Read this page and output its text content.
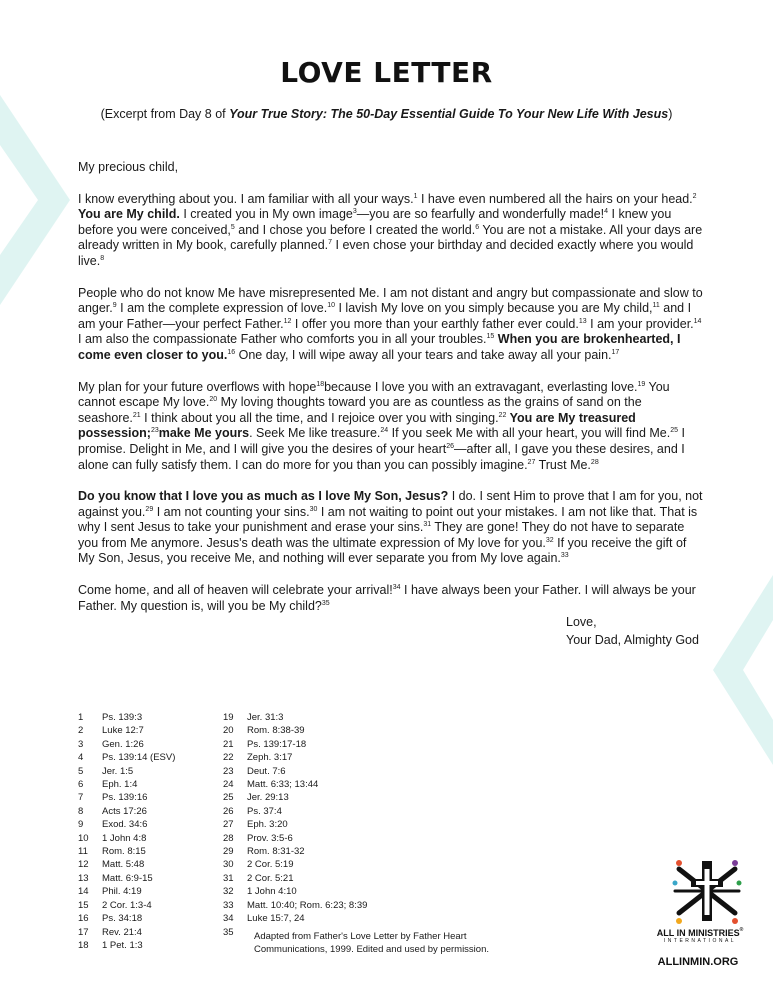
LOVE LETTER
(Excerpt from Day 8 of Your True Story: The 50-Day Essential Guide To Your New Life With Jesus)

My precious child,

I know everything about you. I am familiar with all your ways.$^1$ I have even numbered all the hairs on your head.$^2$ You are My child. I created you in My own image$^3$—you are so fearfully and wonderfully made!$^4$ I knew you before you were conceived,$^5$ and I chose you before I created the world.$^6$ You are not a mistake. All your days are already written in My book, carefully planned.$^7$ I even chose your birthday and decided exactly where you would live.$^8$

People who do not know Me have misrepresented Me. I am not distant and angry but compassionate and slow to anger.$^9$ I am the complete expression of love.$^{10}$ I lavish My love on you simply because you are My child,$^{11}$ and I am your Father—your perfect Father.$^{12}$ I offer you more than your earthly father ever could.$^{13}$ I am your provider.$^{14}$ I am also the compassionate Father who comforts you in all your troubles.$^{15}$ When you are brokenhearted, I come even closer to you.$^{16}$ One day, I will wipe away all your tears and take away all your pain.$^{17}$

My plan for your future overflows with hope$^{18}$because I love you with an extravagant, everlasting love.$^{19}$ You cannot escape My love.$^{20}$ My loving thoughts toward you are as countless as the grains of sand on the seashore.$^{21}$ I think about you all the time, and I rejoice over you with singing.$^{22}$ You are My treasured possession;$^{23}$make Me yours. Seek Me like treasure.$^{24}$ If you seek Me with all your heart, you will find Me.$^{25}$ I promise. Delight in Me, and I will give you the desires of your heart$^{26}$—after all, I gave you these desires, and I alone can fully satisfy them. I can do more for you than you can possibly imagine.$^{27}$ Trust Me.$^{28}$

Do you know that I love you as much as I love My Son, Jesus? I do. I sent Him to prove that I am for you, not against you.$^{29}$ I am not counting your sins.$^{30}$ I am not waiting to point out your mistakes. I am not like that. That is why I sent Jesus to take your punishment and erase your sins.$^{31}$ They are gone! They do not have to separate you from Me anymore. Jesus's death was the ultimate expression of My love for you.$^{32}$ If you receive the gift of My Son, Jesus, you receive Me, and nothing will ever separate you from My love again.$^{33}$

Come home, and all of heaven will celebrate your arrival!$^{34}$ I have always been your Father. I will always be your Father. My question is, will you be My child?$^{35}$

Love,
Your Dad, Almighty God
1	Ps. 139:3
2	Luke 12:7
3	Gen. 1:26
4	Ps. 139:14 (ESV)
5	Jer. 1:5
6	Eph. 1:4
7	Ps. 139:16
8	Acts 17:26
9	Exod. 34:6
10	1 John 4:8
11	Rom. 8:15
12	Matt. 5:48
13	Matt. 6:9-15
14	Phil. 4:19
15	2 Cor. 1:3-4
16	Ps. 34:18
17	Rev. 21:4
18	1 Pet. 1:3
19	Jer. 31:3
20	Rom. 8:38-39
21	Ps. 139:17-18
22	Zeph. 3:17
23	Deut. 7:6
24	Matt. 6:33; 13:44
25	Jer. 29:13
26	Ps. 37:4
27	Eph. 3:20
28	Prov. 3:5-6
29	Rom. 8:31-32
30	2 Cor. 5:19
31	2 Cor. 5:21
32	1 John 4:10
33	Matt. 10:40; Rom. 6:23; 8:39
34	Luke 15:7, 24
35	Adapted from Father's Love Letter by Father Heart Communications, 1999. Edited and used by permission.
ALL IN MINISTRIES®
INTERNATIONAL
ALLINMIN.ORG
